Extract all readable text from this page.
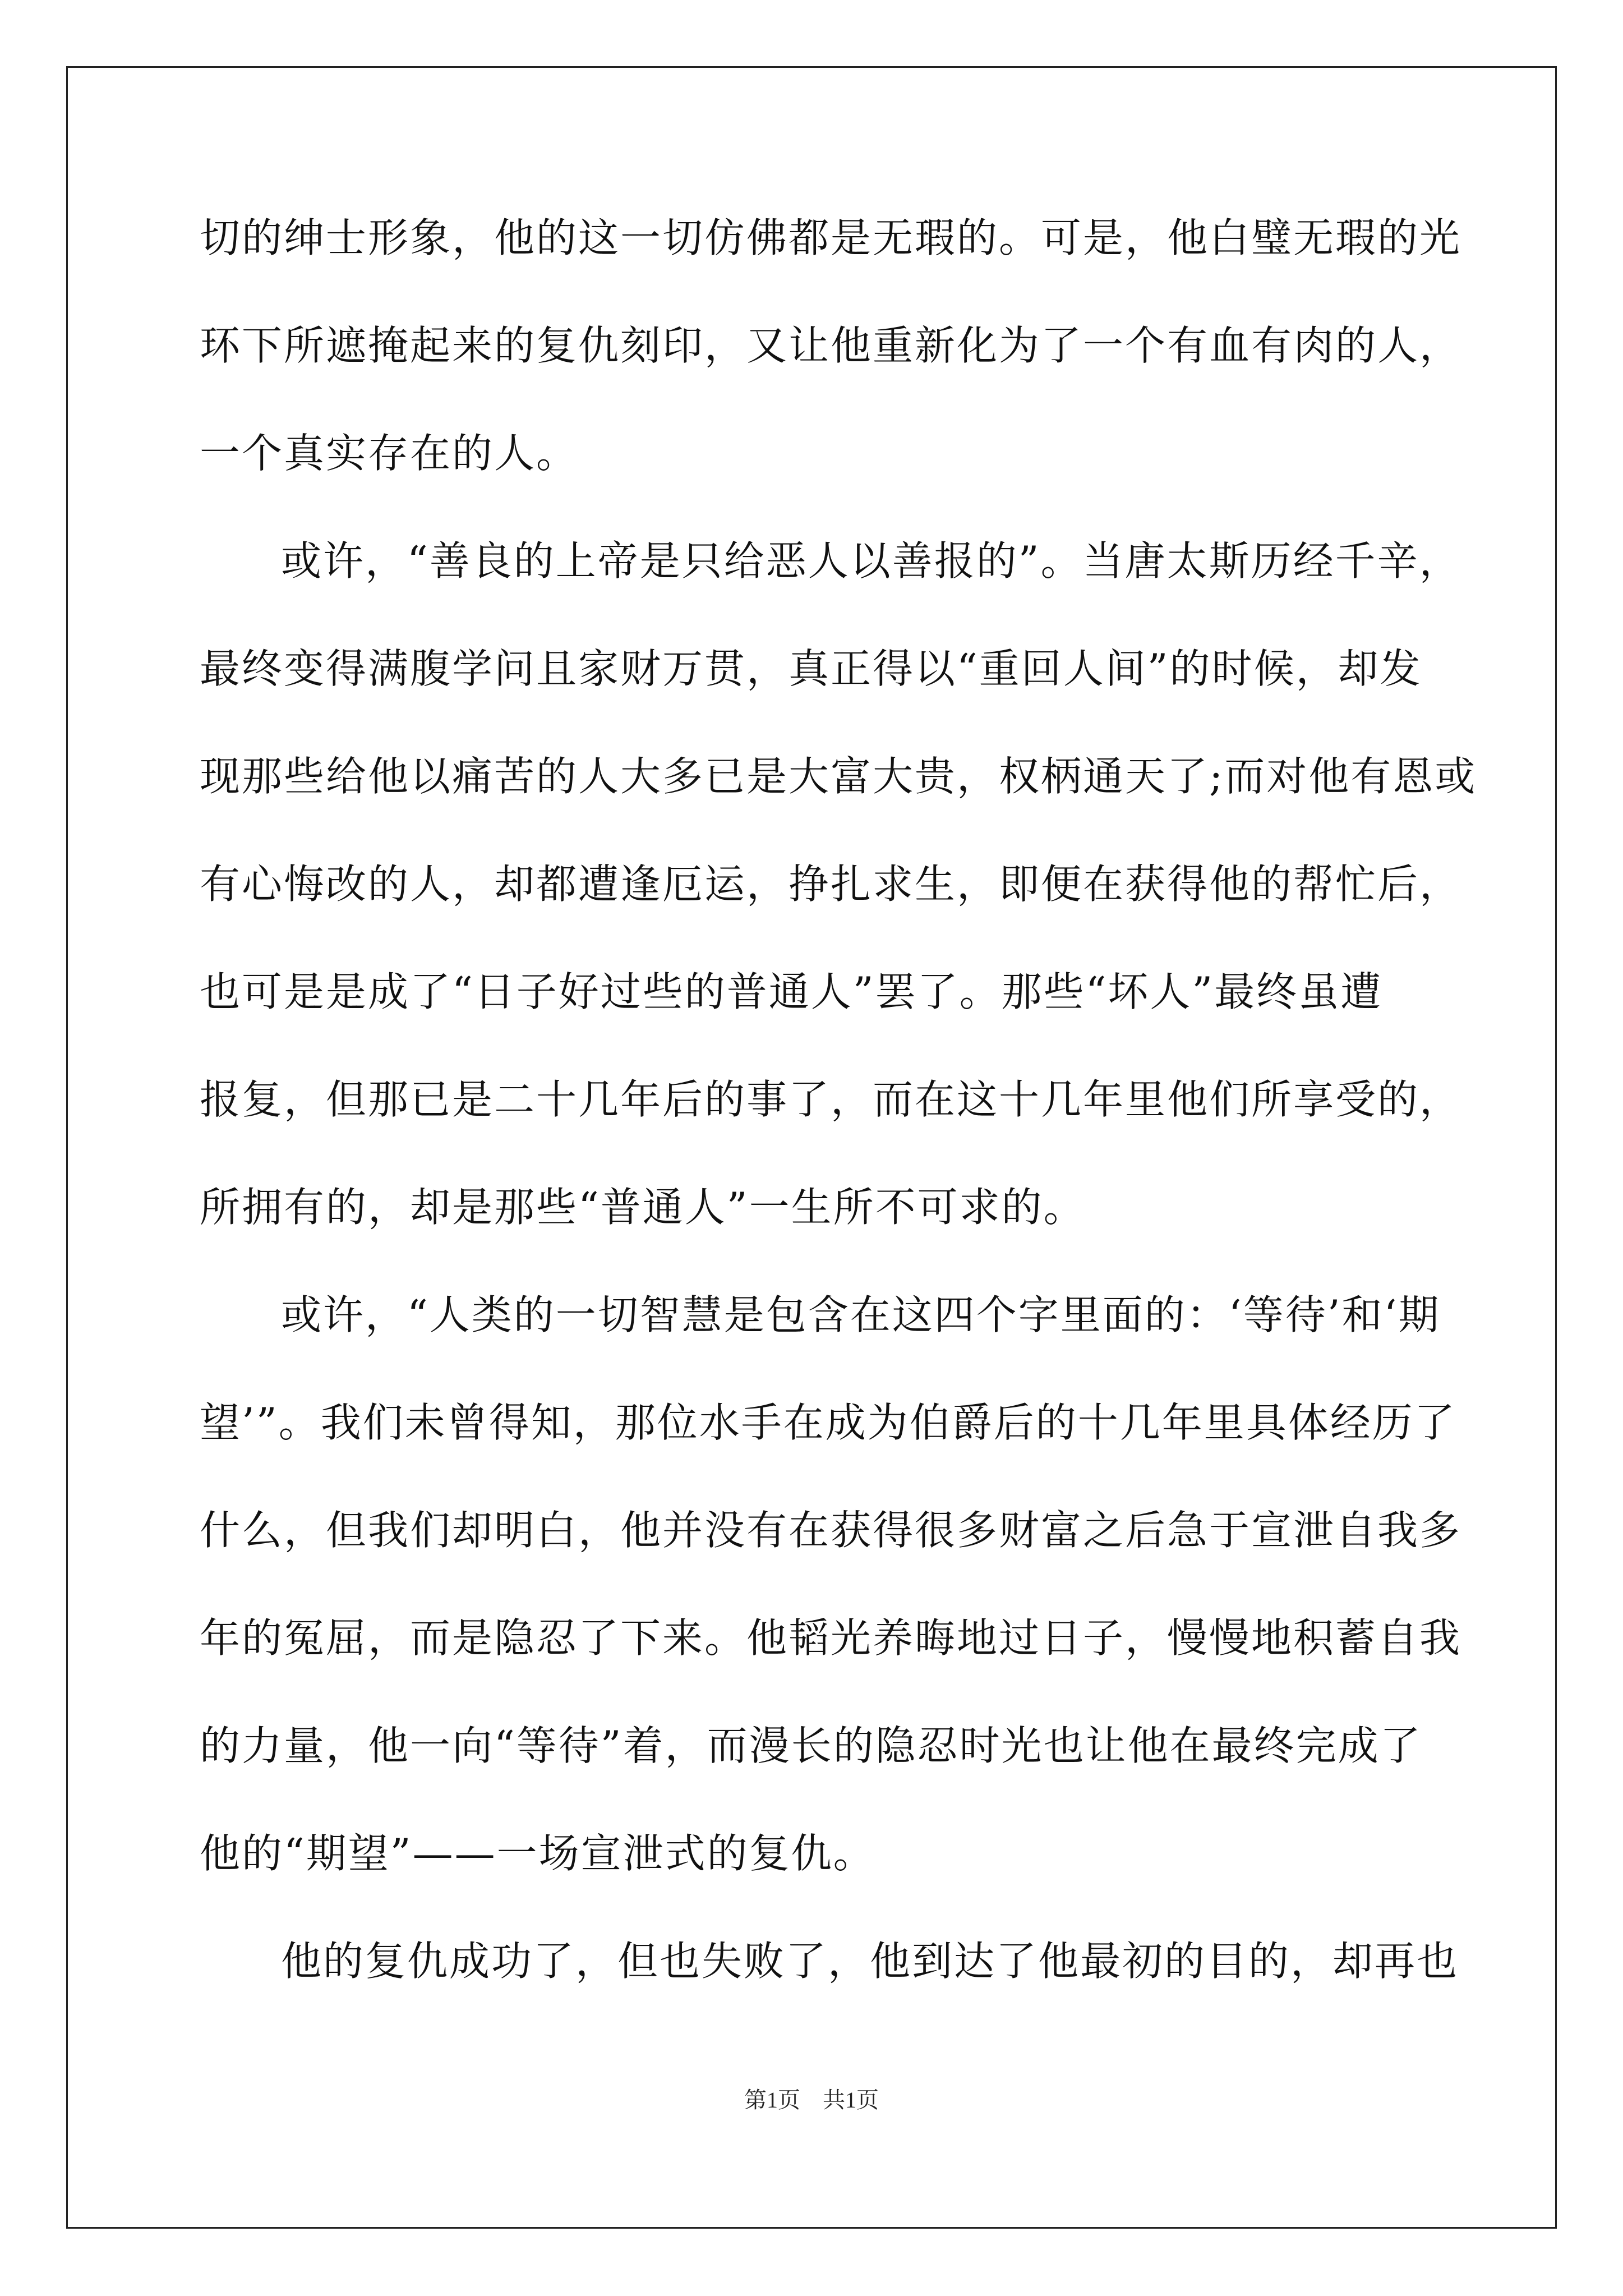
切的绅士形象，他的这一切仿佛都是无瑕的。可是，他白璧无瑕的光
环下所遮掩起来的复仇刻印，又让他重新化为了一个有血有肉的人，
一个真实存在的人。
或许，“善良的上帝是只给恶人以善报的”。当唐太斯历经千辛，
最终变得满腹学问且家财万贯，真正得以“重回人间”的时候，却发
现那些给他以痛苦的人大多已是大富大贵，权柄通天了;而对他有恩或
有心悔改的人，却都遭逢厄运，挣扎求生，即便在获得他的帮忙后，
也可是是成了“日子好过些的普通人”罢了。那些“坏人”最终虽遭
报复，但那已是二十几年后的事了，而在这十几年里他们所享受的，
所拥有的，却是那些“普通人”一生所不可求的。
或许，“人类的一切智慧是包含在这四个字里面的：‘等待’和‘期
望’”。我们未曾得知，那位水手在成为伯爵后的十几年里具体经历了
什么，但我们却明白，他并没有在获得很多财富之后急于宣泄自我多
年的冤屈，而是隐忍了下来。他韬光养晦地过日子，慢慢地积蓄自我
的力量，他一向“等待”着，而漫长的隐忍时光也让他在最终完成了
他的“期望”——一场宣泄式的复仇。
他的复仇成功了，但也失败了，他到达了他最初的目的，却再也
第1页　共1页
